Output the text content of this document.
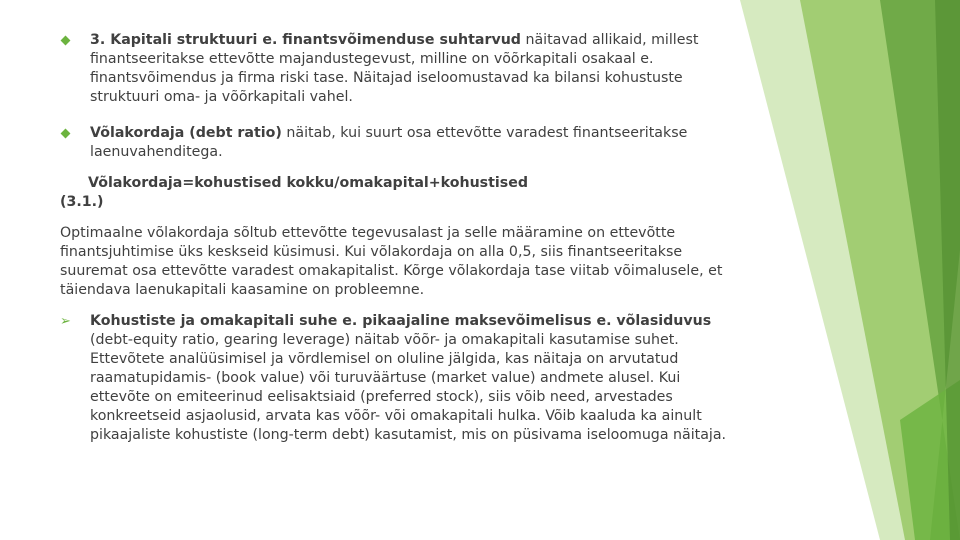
3. Kapitali struktuuri e. finantsvõimenduse suhtarvud näitavad allikaid, millest finantseeritakse ettevõtte majandustegevust, milline on võõrkapitali osakaal e. finantsvõimendus ja firma riski tase. Näitajad iseloomustavad ka bilansi kohustuste struktuuri oma- ja võõrkapitali vahel.
Võlakordaja (debt ratio) näitab, kui suurt osa ettevõtte varadest finantseeritakse laenuvahenditega.
Võlakordaja=kohustised kokku/omakapital+kohustised
(3.1.)
Optimaalne võlakordaja sõltub ettevõtte tegevusalast ja selle määramine on ettevõtte finantsjuhtimise üks keskseid küsimusi. Kui võlakordaja on alla 0,5, siis finantseeritakse suuremat osa ettevõtte varadest omakapitalist. Kõrge võlakordaja tase viitab võimalusele, et täiendava laenukapitali kaasamine on probleemne.
➢ Kohustiste ja omakapitali suhe e. pikaajaline maksevõimelisus e. võlasiduvus (debt-equity ratio, gearing leverage) näitab võõr- ja omakapitali kasutamise suhet. Ettevõtete analüüsimisel ja võrdlemisel on oluline jälgida, kas näitaja on arvutatud raamatupidamis- (book value) või turuväärtuse (market value) andmete alusel. Kui ettevõte on emiteerinud eelisaktsiaid (preferred stock), siis võib need, arvestades konkreetseid asjaolusid, arvata kas võõr- või omakapitali hulka. Võib kaaluda ka ainult pikaajaliste kohustiste (long-term debt) kasutamist, mis on püsivama iseloomuga näitaja.
